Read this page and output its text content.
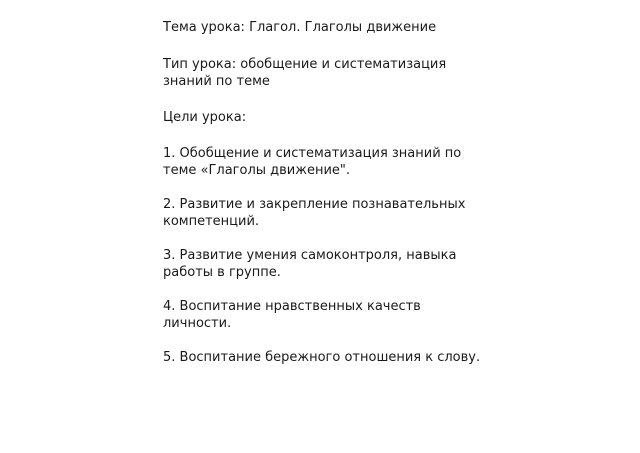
Тема урока: Глагол. Глаголы движение

Тип урока: обобщение и систематизация знаний по теме

Цели урока:

1. Обобщение и систематизация знаний по теме «Глаголы движение".

2. Развитие и закрепление познавательных компетенций.

3. Развитие умения самоконтроля, навыка работы в группе.

4. Воспитание нравственных качеств личности.

5. Воспитание бережного отношения к слову.
